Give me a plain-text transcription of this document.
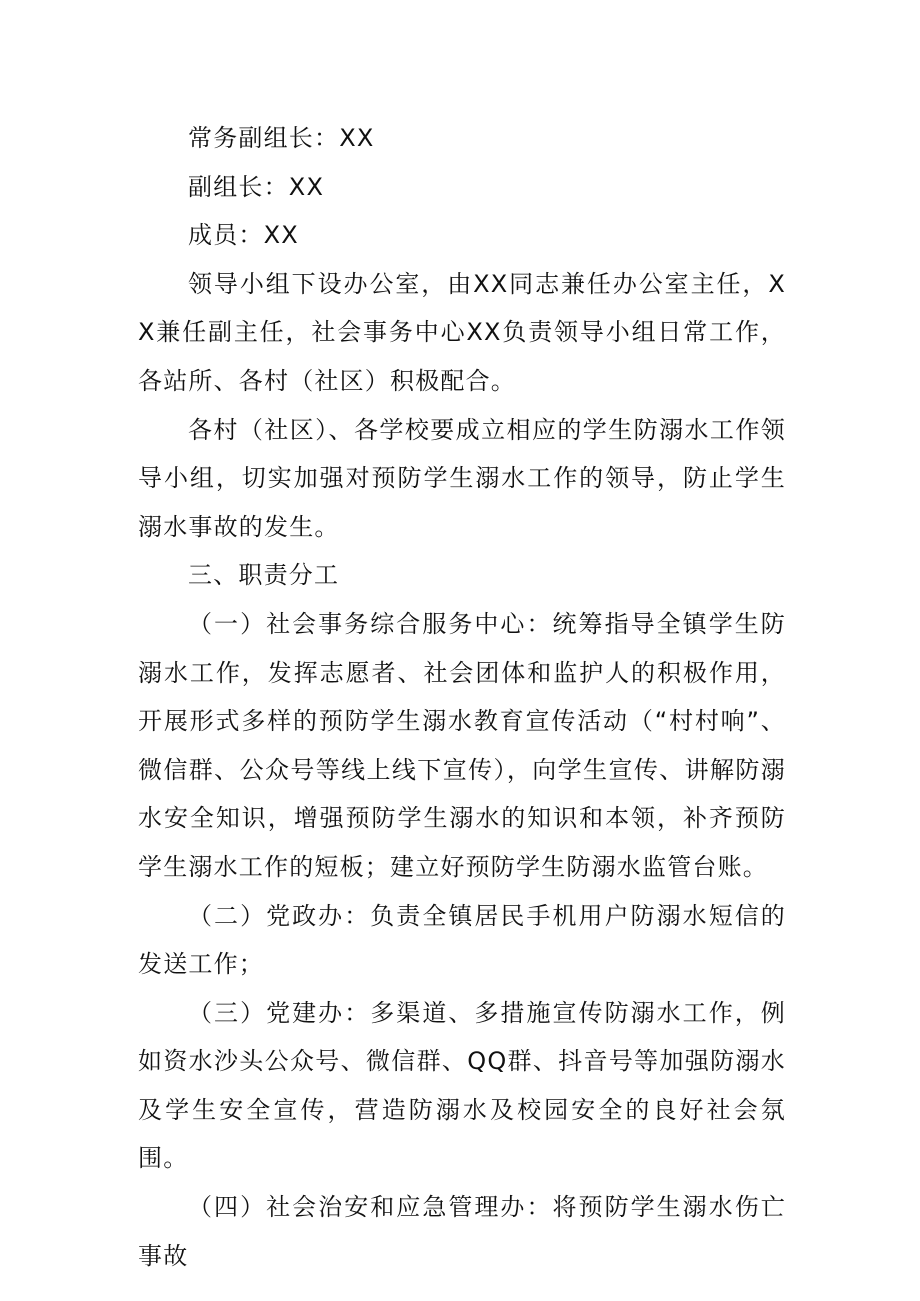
常务副组长：XX

副组长：XX

成员：XX

领导小组下设办公室，由XX同志兼任办公室主任，XX兼任副主任，社会事务中心XX负责领导小组日常工作，各站所、各村（社区）积极配合。

各村（社区）、各学校要成立相应的学生防溺水工作领导小组，切实加强对预防学生溺水工作的领导，防止学生溺水事故的发生。

三、职责分工

（一）社会事务综合服务中心：统筹指导全镇学生防溺水工作，发挥志愿者、社会团体和监护人的积极作用，开展形式多样的预防学生溺水教育宣传活动（“村村响”、微信群、公众号等线上线下宣传），向学生宣传、讲解防溺水安全知识，增强预防学生溺水的知识和本领，补齐预防学生溺水工作的短板；建立好预防学生防溺水监管台账。

（二）党政办：负责全镇居民手机用户防溺水短信的发送工作；

（三）党建办：多渠道、多措施宣传防溺水工作，例如资水沙头公众号、微信群、QQ群、抖音号等加强防溺水及学生安全宣传，营造防溺水及校园安全的良好社会氛围。

（四）社会治安和应急管理办：将预防学生溺水伤亡事故
